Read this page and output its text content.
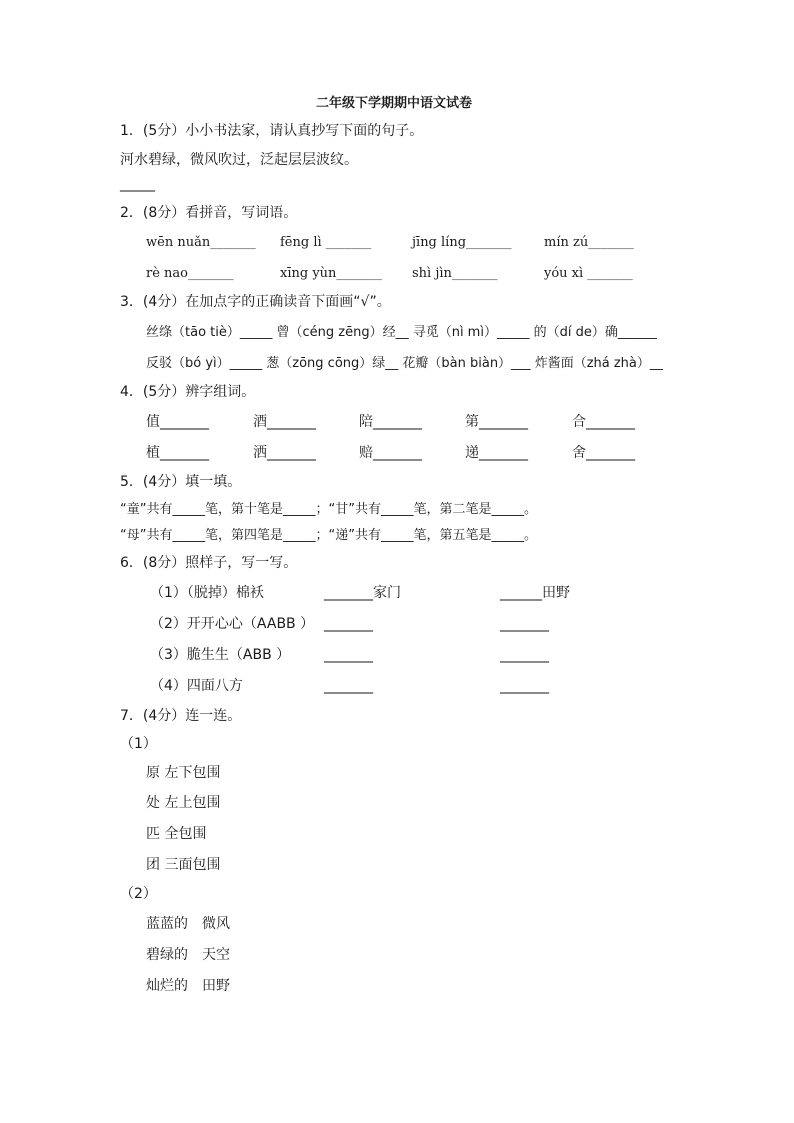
二年级下学期期中语文试卷
1．(5分）小小书法家，请认真抄写下面的句子。
河水碧绿，微风吹过，泛起层层波纹。
_____
2．(8分）看拼音，写词语。
wēn nuǎn_______ fēng lì _______	jīng líng_______ mín zú_______
rè nao_______	xīng yùn_______ shì jìn_______	yóu xì _______
3．(4分）在加点字的正确读音下面画“√”。
丝绦（tāo tiè）_____ 曾（céng zēng）经__ 寻觅（nì mì）_____ 的（dí de）确______
反驳（bó yì）_____ 葱（zōng cōng）绿__ 花瓣（bàn biàn）___ 炸酱面（zhá zhà）__
4．(5分）辨字组词。
值_______	酒_______	陪_______	第_______	合_______
植_______	洒_______	赔_______	递_______	舍_______
5．(4分）填一填。
“童”共有_____笔，第十笔是_____；“甘”共有_____笔，第二笔是_____。
“母”共有_____笔，第四笔是_____；“递”共有_____笔，第五笔是_____。
6．(8分）照样子，写一写。
（1）（脱掉）棉袄	_______家门	______田野
（2）开开心心（AABB ） _______	_______
（3）脆生生（ABB ） _______	_______
（4）四面八方	_______	_______
7．(4分）连一连。
（1）
原 左下包围
处 左上包围
匹 全包围
团 三面包围
（2）
蓝蓝的　微风
碧绿的　天空
灿烂的　田野
